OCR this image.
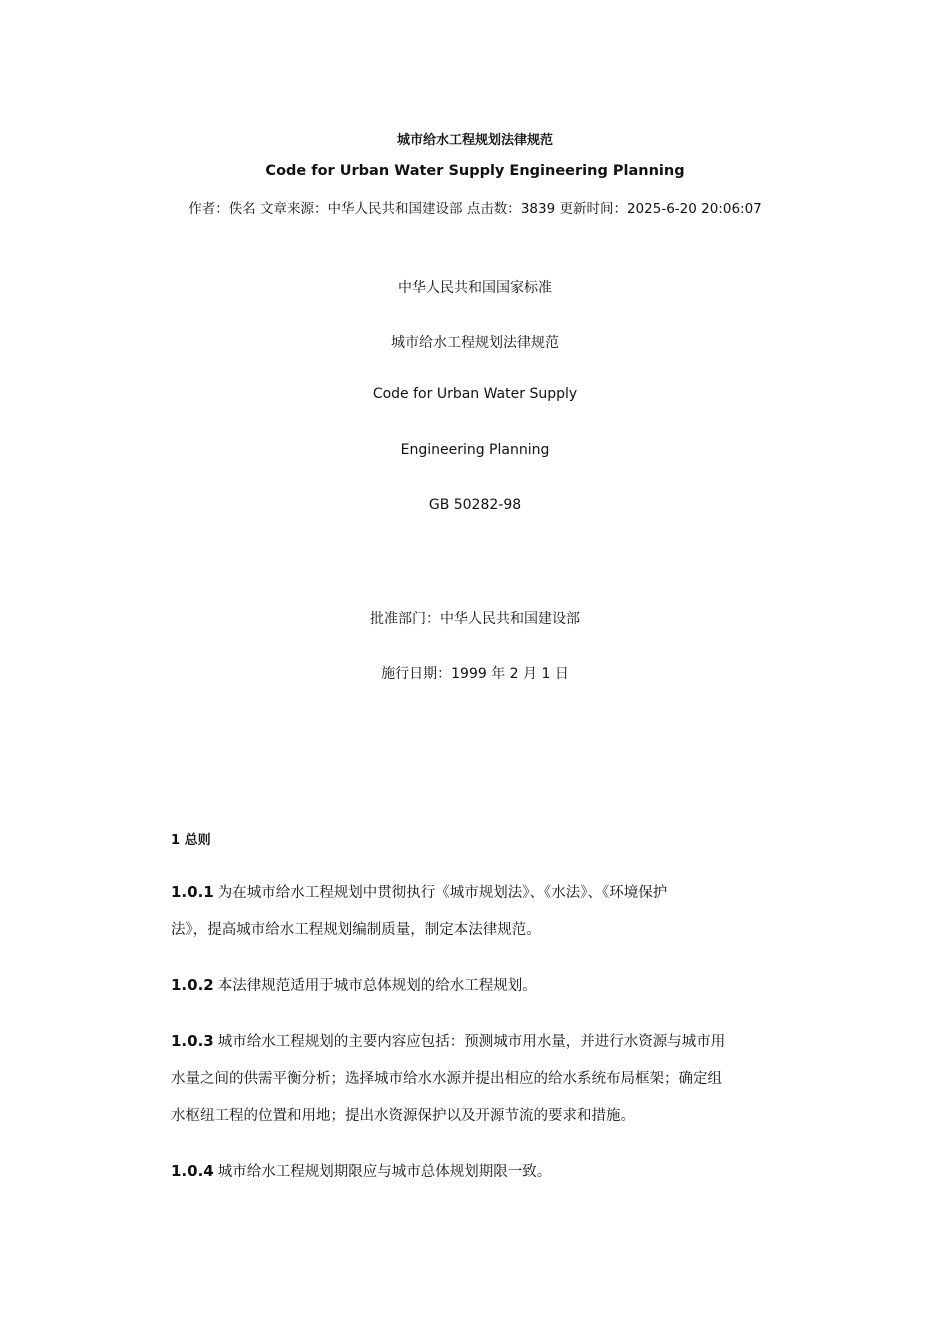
城市给水工程规划法律规范
Code for Urban Water Supply Engineering Planning
作者：佚名 文章来源：中华人民共和国建设部 点击数：3839 更新时间：2025-6-20 20:06:07
中华人民共和国国家标准
城市给水工程规划法律规范
Code for Urban Water Supply
Engineering Planning
GB 50282-98
批准部门：中华人民共和国建设部
施行日期：1999 年 2 月 1 日
1 总则
1.0.1 为在城市给水工程规划中贯彻执行《城市规划法》、《水法》、《环境保护
法》，提高城市给水工程规划编制质量，制定本法律规范。
1.0.2 本法律规范适用于城市总体规划的给水工程规划。
1.0.3 城市给水工程规划的主要内容应包括：预测城市用水量，并进行水资源与城市用
水量之间的供需平衡分析；选择城市给水水源并提出相应的给水系统布局框架；确定组
水枢纽工程的位置和用地；提出水资源保护以及开源节流的要求和措施。
1.0.4 城市给水工程规划期限应与城市总体规划期限一致。
